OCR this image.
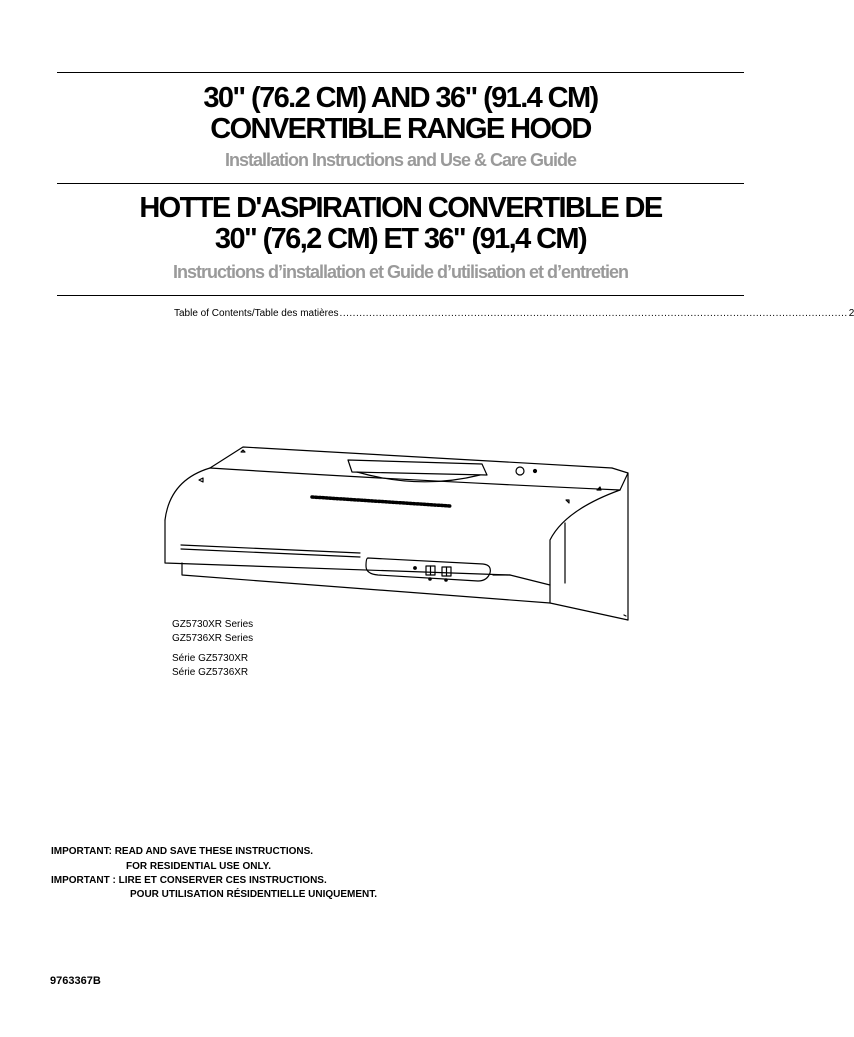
30" (76.2 CM) AND 36" (91.4 CM)
CONVERTIBLE RANGE HOOD

Installation Instructions and Use & Care Guide

HOTTE D'ASPIRATION CONVERTIBLE DE
30" (76,2 CM) ET 36" (91,4 CM)

Instructions d’installation et Guide d’utilisation et d’entretien

Table of Contents/Table des matières ........................................................................................................................................................... 2
GZ5730XR Series
GZ5736XR Series
Série GZ5730XR
Série GZ5736XR
IMPORTANT: READ AND SAVE THESE INSTRUCTIONS.
FOR RESIDENTIAL USE ONLY.
IMPORTANT : LIRE ET CONSERVER CES INSTRUCTIONS.
POUR UTILISATION RÉSIDENTIELLE UNIQUEMENT.
9763367B
